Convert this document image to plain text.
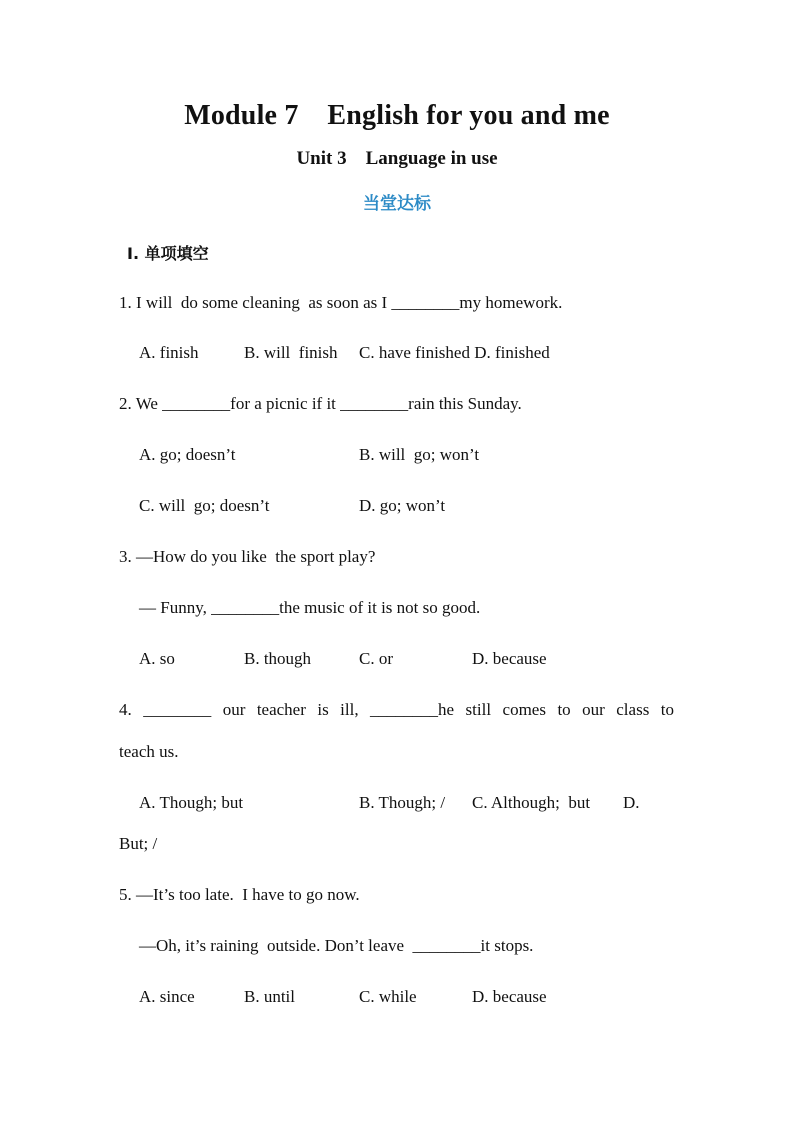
Module 7    English for you and me
Unit 3    Language in use
当堂达标
Ⅰ. 单项填空
1. I will  do some cleaning  as soon as I ________my homework.
A. finish	B. will  finish C. have finished D. finished
2. We ________for a picnic if it ________rain this Sunday.
A. go; doesn’t	B. will  go; won’t
C. will  go; doesn’t	D. go; won’t
3. —How do you like  the sport play?
— Funny, ________the music of it is not so good.
A. so	B. though	C. or	D. because
4. ________ our teacher is ill, ________he still comes to our class to
teach us.
A. Though; but	B. Though; / C. Although;  but D.
But; /
5. —It’s too late.  I have to go now.
—Oh, it’s raining  outside. Don’t leave  ________it stops.
A. since	B. until	C. while	D. because
